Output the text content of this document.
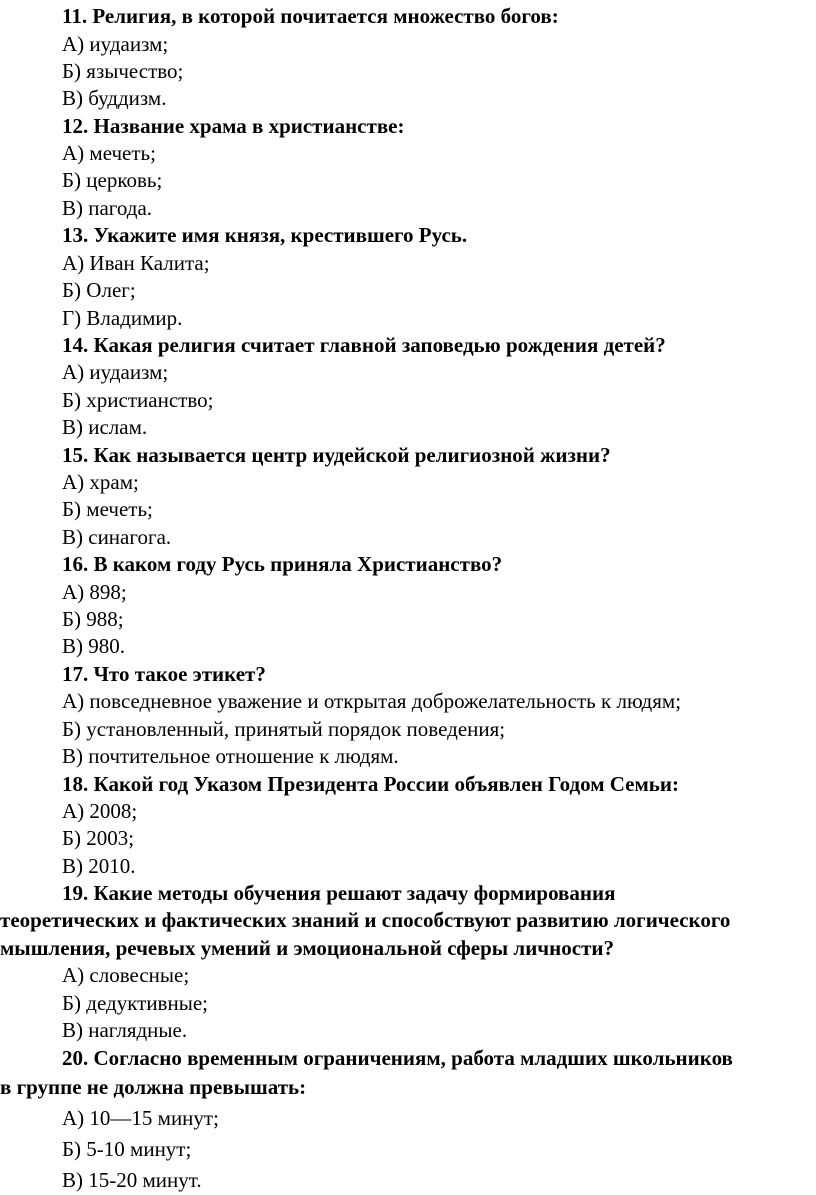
11. Религия, в которой почитается множество богов:
А) иудаизм;
Б) язычество;
В) буддизм.
12. Название храма в христианстве:
А) мечеть;
Б) церковь;
В) пагода.
13. Укажите имя князя, крестившего Русь.
А) Иван Калита;
Б) Олег;
Г) Владимир.
14. Какая религия считает главной заповедью рождения детей?
А) иудаизм;
Б) христианство;
В) ислам.
15. Как называется центр иудейской религиозной жизни?
А) храм;
Б) мечеть;
В) синагога.
16. В каком году Русь приняла Христианство?
А) 898;
Б) 988;
В) 980.
17. Что такое этикет?
А) повседневное уважение и открытая доброжелательность к людям;
Б) установленный, принятый порядок поведения;
В) почтительное отношение к людям.
18. Какой год Указом Президента России объявлен Годом Семьи:
А) 2008;
Б) 2003;
В) 2010.
19. Какие методы обучения решают задачу формирования
теоретических и фактических знаний и способствуют развитию логического
мышления, речевых умений и эмоциональной сферы личности?
А) словесные;
Б) дедуктивные;
В) наглядные.
20. Согласно временным ограничениям, работа младших школьников
в группе не должна превышать:
А) 10—15 минут;
Б) 5-10 минут;
В) 15-20 минут.
